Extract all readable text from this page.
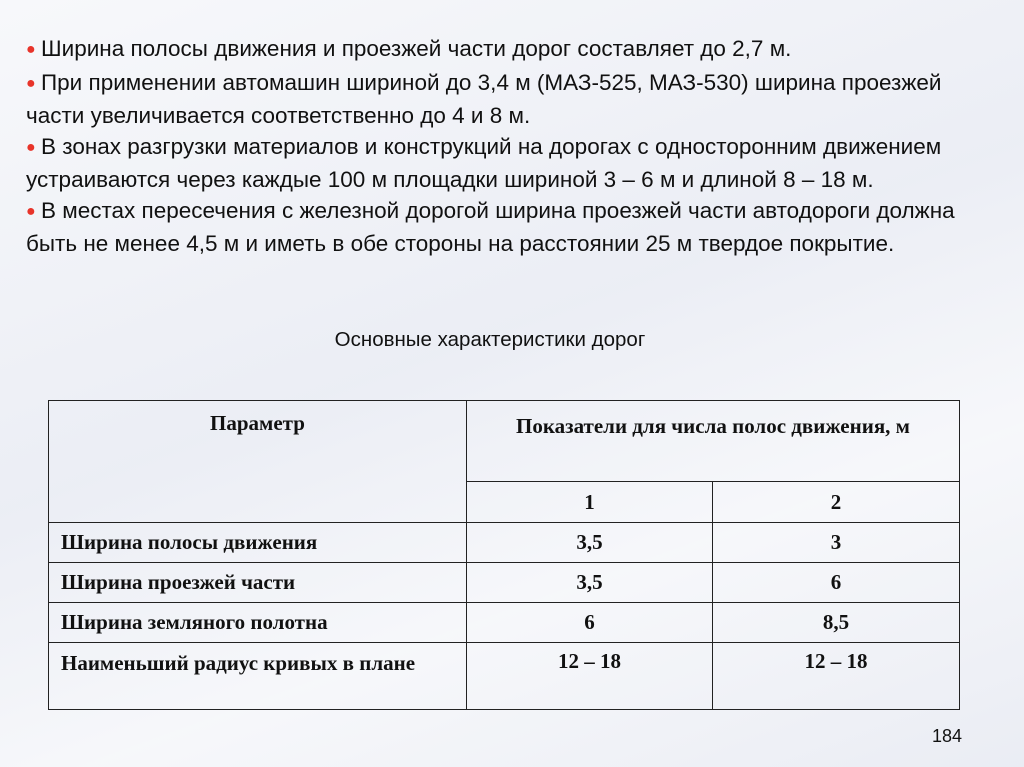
● Ширина полосы движения и проезжей части дорог составляет до 2,7 м.

● При применении автомашин шириной до 3,4 м (МАЗ-525, МАЗ-530) ширина проезжей части увеличивается соответственно до 4 и 8 м.

● В зонах разгрузки материалов и конструкций на дорогах с односторонним движением устраиваются через каждые 100 м площадки шириной 3 – 6 м и длиной 8 – 18 м.

● В местах пересечения с железной дорогой ширина проезжей части автодороги должна быть не менее 4,5 м и иметь в обе стороны на расстоянии 25 м твердое покрытие.

Основные характеристики дорог
Параметр	Показатели для числа полос движения, м	
	1	2
Ширина полосы движения	3,5	3
Ширина проезжей части	3,5	6
Ширина земляного полотна	6	8,5
Наименьший радиус кривых в плане	12 – 18	12 – 18
184
